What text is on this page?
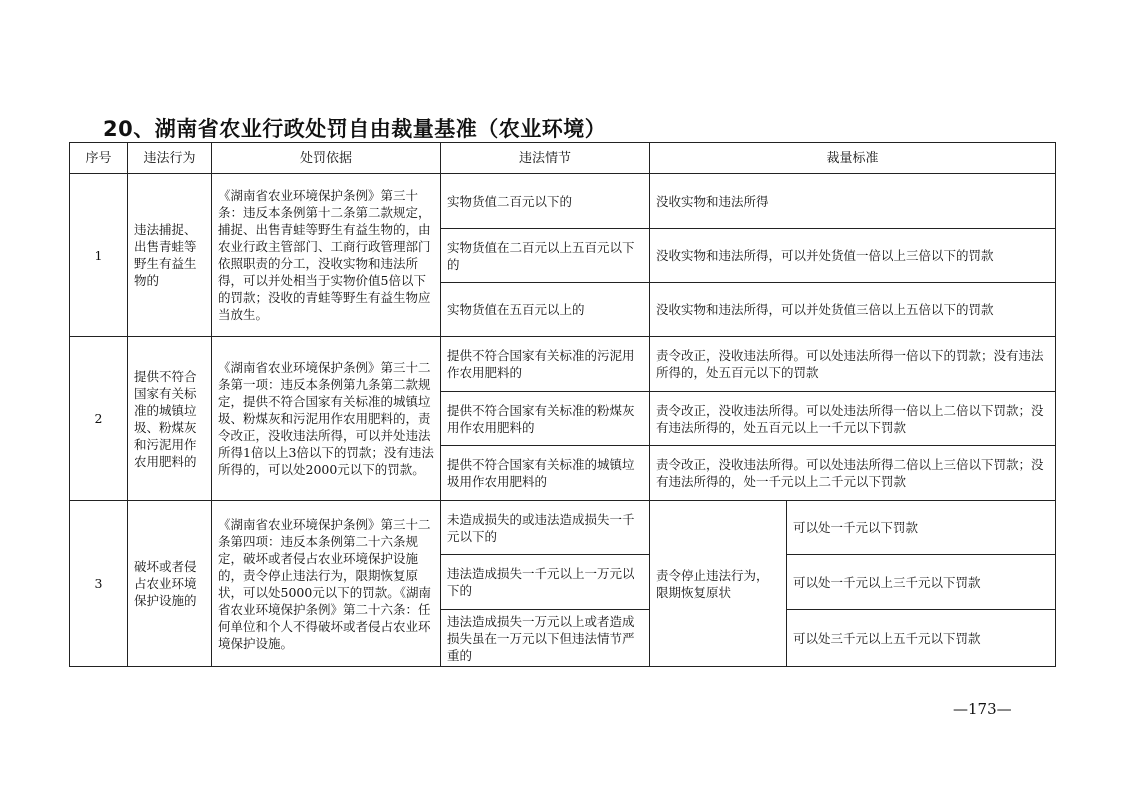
20、湖南省农业行政处罚自由裁量基准（农业环境）
序号	违法行为	处罚依据	违法情节	裁量标准	
1	违法捕捉、出售青蛙等野生有益生物的	《湖南省农业环境保护条例》第三十条：违反本条例第十二条第二款规定，捕捉、出售青蛙等野生有益生物的，由农业行政主管部门、工商行政管理部门依照职责的分工，没收实物和违法所得，可以并处相当于实物价值5倍以下的罚款；没收的青蛙等野生有益生物应当放生。	实物货值二百元以下的	没收实物和违法所得	
			实物货值在二百元以上五百元以下的	没收实物和违法所得，可以并处货值一倍以上三倍以下的罚款	
			实物货值在五百元以上的	没收实物和违法所得，可以并处货值三倍以上五倍以下的罚款	
2	提供不符合国家有关标准的城镇垃圾、粉煤灰和污泥用作农用肥料的	《湖南省农业环境保护条例》第三十二条第一项：违反本条例第九条第二款规定，提供不符合国家有关标准的城镇垃圾、粉煤灰和污泥用作农用肥料的，责令改正，没收违法所得，可以并处违法所得1倍以上3倍以下的罚款；没有违法所得的，可以处2000元以下的罚款。	提供不符合国家有关标准的污泥用作农用肥料的	责令改正，没收违法所得。可以处违法所得一倍以下的罚款；没有违法所得的，处五百元以下的罚款	
			提供不符合国家有关标准的粉煤灰用作农用肥料的	责令改正，没收违法所得。可以处违法所得一倍以上二倍以下罚款；没有违法所得的，处五百元以上一千元以下罚款	
			提供不符合国家有关标准的城镇垃圾用作农用肥料的	责令改正，没收违法所得。可以处违法所得二倍以上三倍以下罚款；没有违法所得的，处一千元以上二千元以下罚款	
3	破坏或者侵占农业环境保护设施的	《湖南省农业环境保护条例》第三十二条第四项：违反本条例第二十六条规定，破坏或者侵占农业环境保护设施的，责令停止违法行为，限期恢复原状，可以处5000元以下的罚款。《湖南省农业环境保护条例》第二十六条：任何单位和个人不得破坏或者侵占农业环境保护设施。	未造成损失的或违法造成损失一千元以下的	责令停止违法行为，限期恢复原状	可以处一千元以下罚款
			违法造成损失一千元以上一万元以下的		可以处一千元以上三千元以下罚款
			违法造成损失一万元以上或者造成损失虽在一万元以下但违法情节严重的		可以处三千元以上五千元以下罚款
—173—
